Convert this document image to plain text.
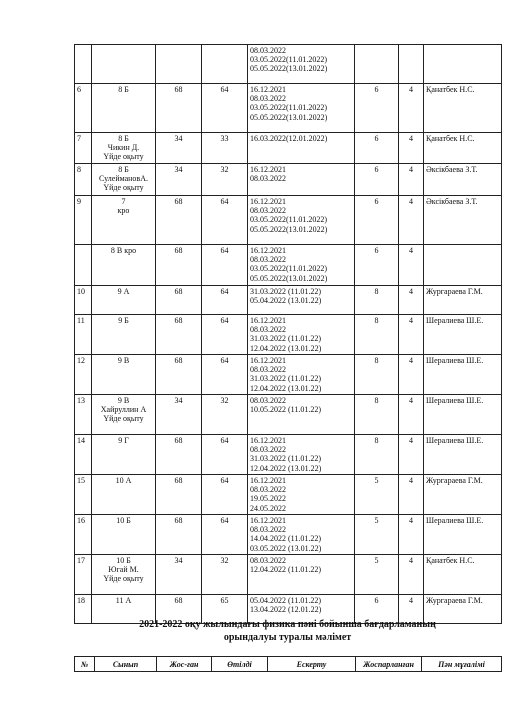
				08.03.2022
03.05.2022(11.01.2022)
05.05.2022(13.01.2022)			

6	8 Б	68	64	16.12.2021
08.03.2022
03.05.2022(11.01.2022)
05.05.2022(13.01.2022)	6	4	Қанатбек Н.С.
7	8 Б
Чикин Д.
Үйде оқыту	34	33	16.03.2022(12.01.2022)	6	4	Қанатбек Н.С.
8	8 Б
СулеймановА.
Үйде оқыту	34	32	16.12.2021
08.03.2022	6	4	Әксікбаева З.Т.
9	7
кро	68	64	16.12.2021
08.03.2022
03.05.2022(11.01.2022)
05.05.2022(13.01.2022)	6	4	Әксікбаева З.Т.

	8 В кро	68	64	16.12.2021
08.03.2022
03.05.2022(11.01.2022)
05.05.2022(13.01.2022)	6	4	
10	9 А	68	64	31.03.2022 (11.01.22)
05.04.2022 (13.01.22)	8	4	Жургараева Г.М.
11	9 Б	68	64	16.12.2021
08.03.2022
31.03.2022 (11.01.22)
12.04.2022 (13.01.22)	8	4	Шералиева Ш.Е.
12	9 В	68	64	16.12.2021
08.03.2022
31.03.2022 (11.01.22)
12.04.2022 (13.01.22)	8	4	Шералиева Ш.Е.
13	9 В
Хайруллин А
Үйде оқыту	34	32	08.03.2022
10.05.2022 (11.01.22)	8	4	Шералиева Ш.Е.
14	9 Г	68	64	16.12.2021
08.03.2022
31.03.2022 (11.01.22)
12.04.2022 (13.01.22)	8	4	Шералиева Ш.Е.
15	10 А	68	64	16.12.2021
08.03.2022
19.05.2022
24.05.2022	5	4	Жургараева Г.М.
16	10 Б	68	64	16.12.2021
08.03.2022
14.04.2022 (11.01.22)
03.05.2022 (13.01.22)	5	4	Шералиева Ш.Е.
17	10 Б
Югай М.
Үйде оқыту	34	32	08.03.2022
12.04.2022 (11.01.22)	5	4	Қанатбек Н.С.
18	11 А	68	65	05.04.2022 (11.01.22)
13.04.2022 (12.01.22)	6	4	Жургараева Г.М.
2021-2022 оқу жылындағы физика пәні бойынша бағдарламаның
орындалуы туралы мәлімет
№	Сынып	Жос-ған	Өтілді	Ескерту	Жоспарланған	Пән мұғалімі
